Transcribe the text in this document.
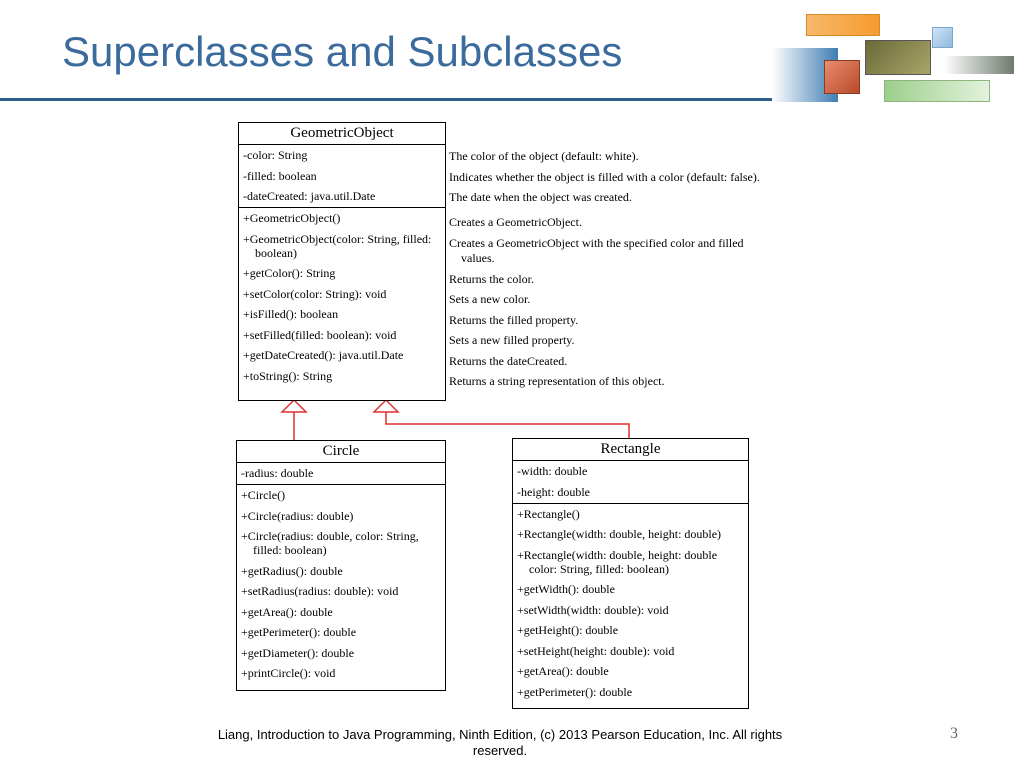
Superclasses and Subclasses
GeometricObject
-color: String
-filled: boolean
-dateCreated: java.util.Date
+GeometricObject()
+GeometricObject(color: String, filled: boolean)
+getColor(): String
+setColor(color: String): void
+isFilled(): boolean
+setFilled(filled: boolean): void
+getDateCreated(): java.util.Date
+toString(): String
The color of the object (default: white).
Indicates whether the object is filled with a color (default: false).
The date when the object was created.
Creates a GeometricObject.
Creates a GeometricObject with the specified color and filled
values.
Returns the color.
Sets a new color.
Returns the filled property.
Sets a new filled property.
Returns the dateCreated.
Returns a string representation of this object.
Circle
-radius: double
+Circle()
+Circle(radius: double)
+Circle(radius: double, color: String, filled: boolean)
+getRadius(): double
+setRadius(radius: double): void
+getArea(): double
+getPerimeter(): double
+getDiameter(): double
+printCircle(): void
Rectangle
-width: double
-height: double
+Rectangle()
+Rectangle(width: double, height: double)
+Rectangle(width: double, height: double color: String, filled: boolean)
+getWidth(): double
+setWidth(width: double): void
+getHeight(): double
+setHeight(height: double): void
+getArea(): double
+getPerimeter(): double
Liang, Introduction to Java Programming, Ninth Edition, (c) 2013 Pearson Education, Inc. All rights reserved.
3
